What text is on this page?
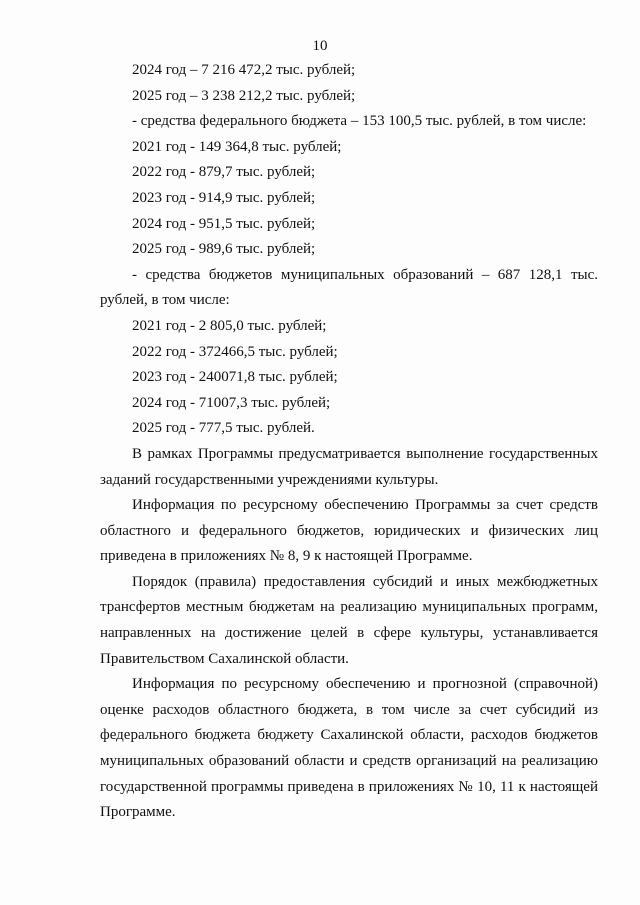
10
2024 год – 7 216 472,2 тыс. рублей;
2025 год – 3 238 212,2 тыс. рублей;
- средства федерального бюджета – 153 100,5 тыс. рублей, в том числе:
2021 год - 149 364,8 тыс. рублей;
2022 год - 879,7 тыс. рублей;
2023 год - 914,9 тыс. рублей;
2024 год - 951,5 тыс. рублей;
2025 год - 989,6 тыс. рублей;

- средства бюджетов муниципальных образований – 687 128,1 тыс. рублей, в том числе:

2021 год - 2 805,0 тыс. рублей;
2022 год - 372466,5 тыс. рублей;
2023 год - 240071,8 тыс. рублей;
2024 год - 71007,3 тыс. рублей;
2025 год - 777,5 тыс. рублей.

В рамках Программы предусматривается выполнение государственных заданий государственными учреждениями культуры.

Информация по ресурсному обеспечению Программы за счет средств областного и федерального бюджетов, юридических и физических лиц приведена в приложениях № 8, 9 к настоящей Программе.

Порядок (правила) предоставления субсидий и иных межбюджетных трансфертов местным бюджетам на реализацию муниципальных программ, направленных на достижение целей в сфере культуры, устанавливается Правительством Сахалинской области.

Информация по ресурсному обеспечению и прогнозной (справочной) оценке расходов областного бюджета, в том числе за счет субсидий из федерального бюджета бюджету Сахалинской области, расходов бюджетов муниципальных образований области и средств организаций на реализацию государственной программы приведена в приложениях № 10, 11 к настоящей Программе.
